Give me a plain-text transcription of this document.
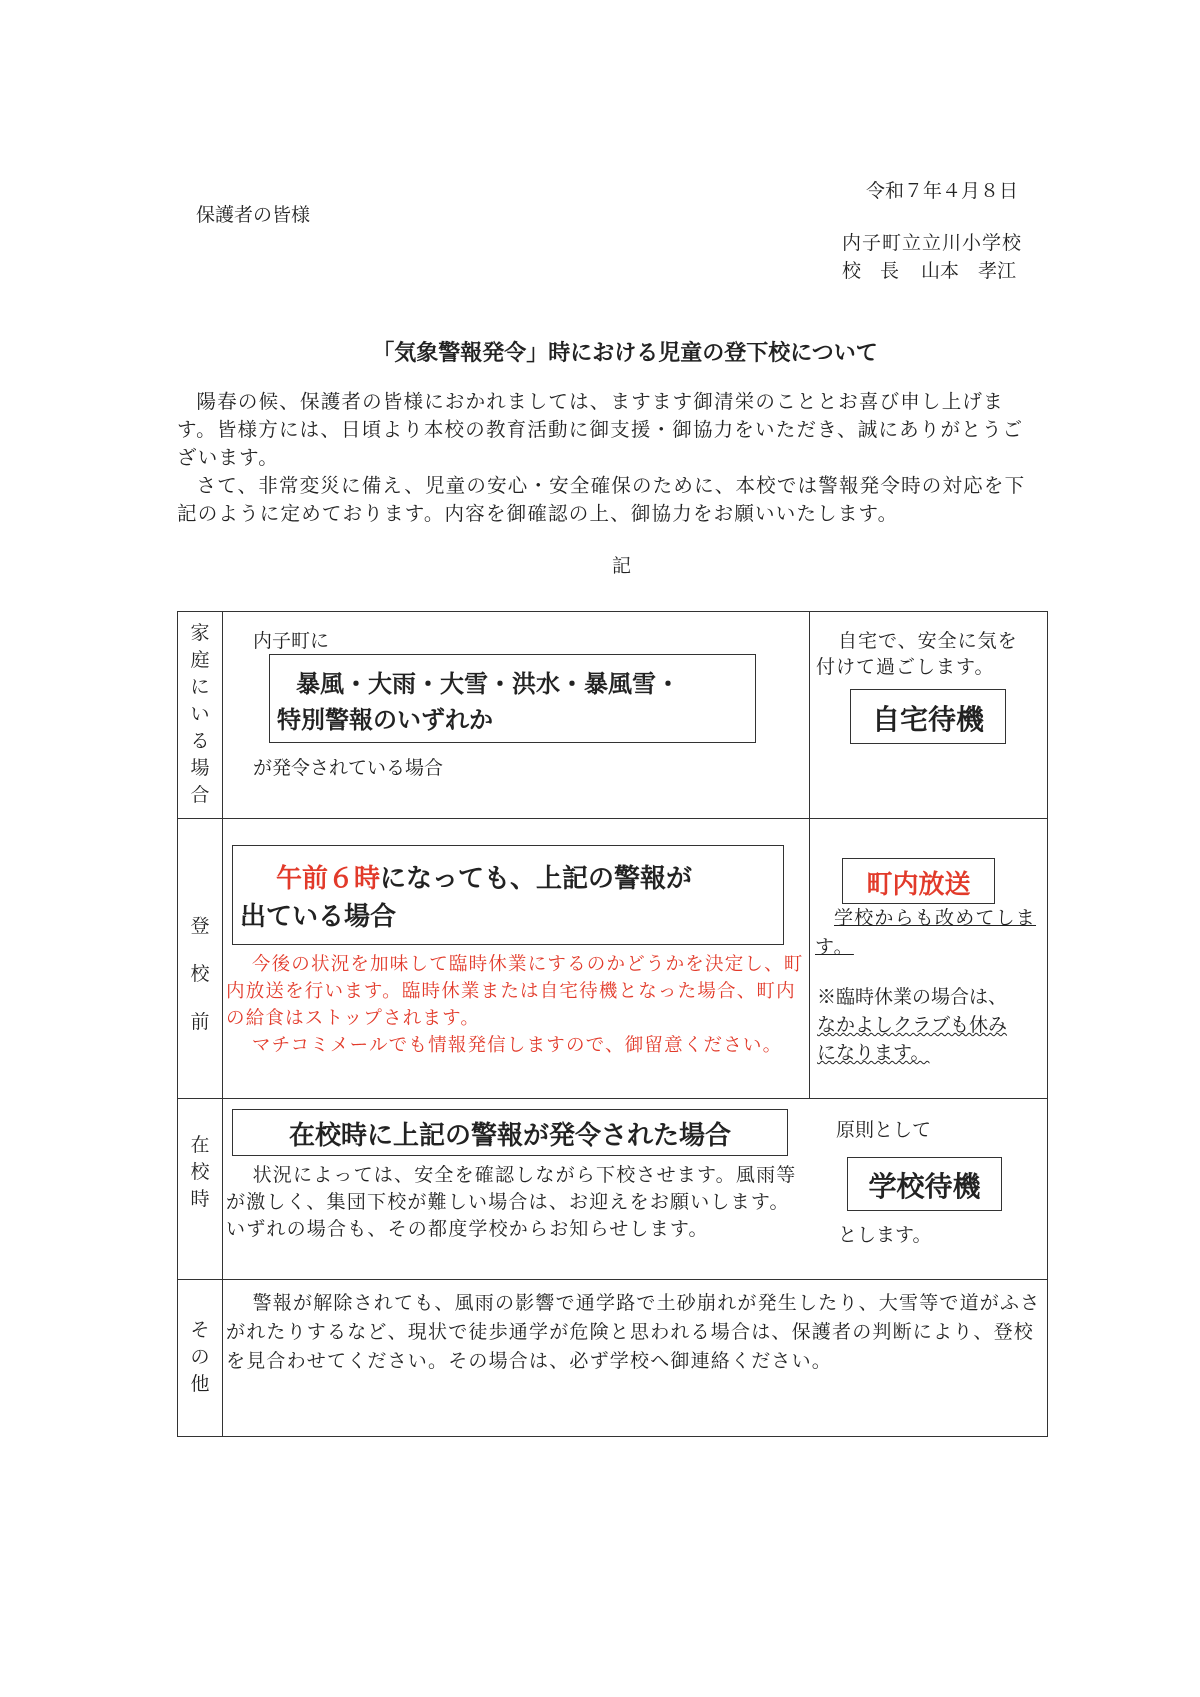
令和７年４月８日
保護者の皆様
内子町立立川小学校
校　長 山本　孝江
「気象警報発令」時における児童の登下校について

陽春の候、保護者の皆様におかれましては、ますます御清栄のこととお喜び申し上げます。皆様方には、日頃より本校の教育活動に御支援・御協力をいただき、誠にありがとうございます。

さて、非常変災に備え、児童の安心・安全確保のために、本校では警報発令時の対応を下記のように定めております。内容を御確認の上、御協力をお願いいたします。

記
家庭にいる場合
登校前
在校時
その他
内子町に
暴風・大雨・大雪・洪水・暴風雪・
特別警報のいずれか
が発令されている場合
自宅で、安全に気を
付けて過ごします。
自宅待機
午前６時になっても、上記の警報が
出ている場合

今後の状況を加味して臨時休業にするのかどうかを決定し、町内放送を行います。臨時休業または自宅待機となった場合、町内の給食はストップされます。

マチコミメールでも情報発信しますので、御留意ください。

町内放送

学校からも改めてします。

※臨時休業の場合は、
なかよしクラブも休み
になります。
在校時に上記の警報が発令された場合

状況によっては、安全を確認しながら下校させます。風雨等が激しく、集団下校が難しい場合は、お迎えをお願いします。いずれの場合も、その都度学校からお知らせします。

原則として
学校待機
とします。

警報が解除されても、風雨の影響で通学路で土砂崩れが発生したり、大雪等で道がふさがれたりするなど、現状で徒歩通学が危険と思われる場合は、保護者の判断により、登校を見合わせてください。その場合は、必ず学校へ御連絡ください。
